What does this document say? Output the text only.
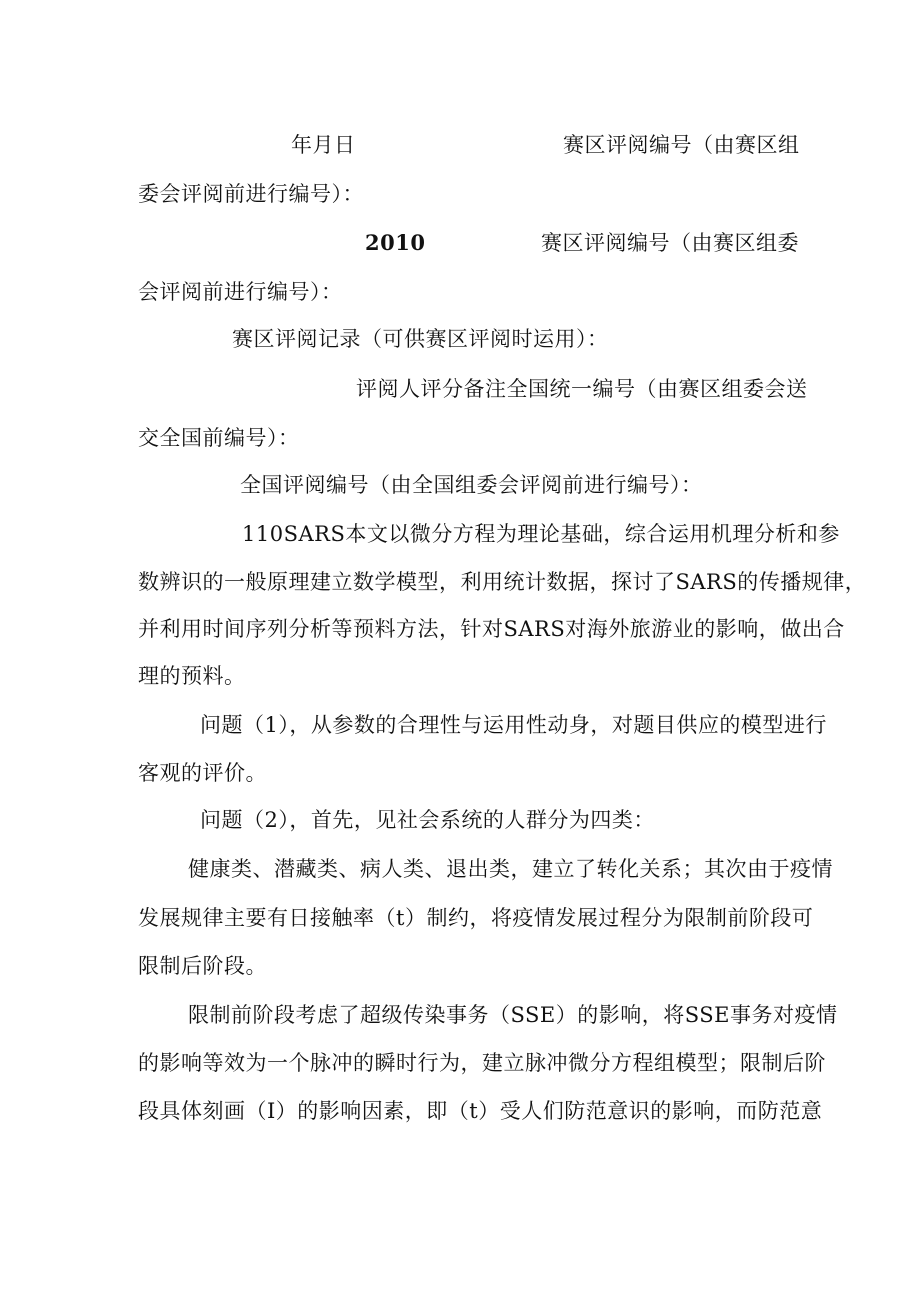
年月日	赛区评阅编号（由赛区组
委会评阅前进行编号）：
2010	赛区评阅编号（由赛区组委
会评阅前进行编号）：
赛区评阅记录（可供赛区评阅时运用）：
评阅人评分备注全国统一编号（由赛区组委会送
交全国前编号）：
全国评阅编号（由全国组委会评阅前进行编号）：
110SARS本文以微分方程为理论基础，综合运用机理分析和参
数辨识的一般原理建立数学模型，利用统计数据，探讨了SARS的传播规律，
并利用时间序列分析等预料方法，针对SARS对海外旅游业的影响，做出合
理的预料。
问题（1），从参数的合理性与运用性动身，对题目供应的模型进行
客观的评价。
问题（2），首先，见社会系统的人群分为四类：
健康类、潜藏类、病人类、退出类，建立了转化关系；其次由于疫情
发展规律主要有日接触率（t）制约，将疫情发展过程分为限制前阶段可
限制后阶段。
限制前阶段考虑了超级传染事务（SSE）的影响，将SSE事务对疫情
的影响等效为一个脉冲的瞬时行为，建立脉冲微分方程组模型；限制后阶
段具体刻画（I）的影响因素，即（t）受人们防范意识的影响，而防范意
